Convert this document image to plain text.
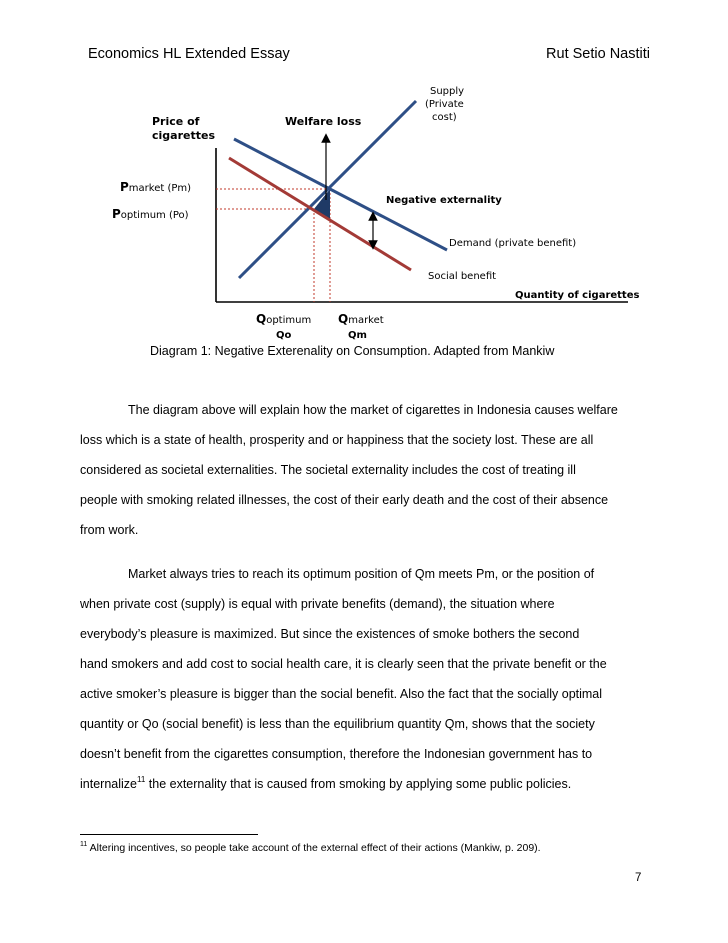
Economics HL Extended Essay	Rut Setio Nastiti
Price of
cigarettes
Supply
(Private
cost)
Welfare loss
Negative externality
Demand (private benefit)
Social benefit
Quantity of cigarettes
Pmarket (Pm)
Poptimum (Po)
Qoptimum
Qo
Qmarket
Qm
Diagram 1: Negative Exterenality on Consumption. Adapted from Mankiw

The diagram above will explain how the market of cigarettes in Indonesia causes welfare

loss which is a state of health, prosperity and or happiness that the society lost. These are all

considered as societal externalities. The societal externality includes the cost of treating ill

people with smoking related illnesses, the cost of their early death and the cost of their absence

from work.

Market always tries to reach its optimum position of Qm meets Pm, or the position of

when private cost (supply) is equal with private benefits (demand), the situation where

everybody’s pleasure is maximized. But since the existences of smoke bothers the second

hand smokers and add cost to social health care, it is clearly seen that the private benefit or the

active smoker’s pleasure is bigger than the social benefit. Also the fact that the socially optimal

quantity or Qo (social benefit) is less than the equilibrium quantity Qm, shows that the society

doesn’t benefit from the cigarettes consumption, therefore the Indonesian government has to

internalize$^{11}$ the externality that is caused from smoking by applying some public policies.

$^{11}$ Altering incentives, so people take account of the external effect of their actions (Mankiw, p. 209).
7
